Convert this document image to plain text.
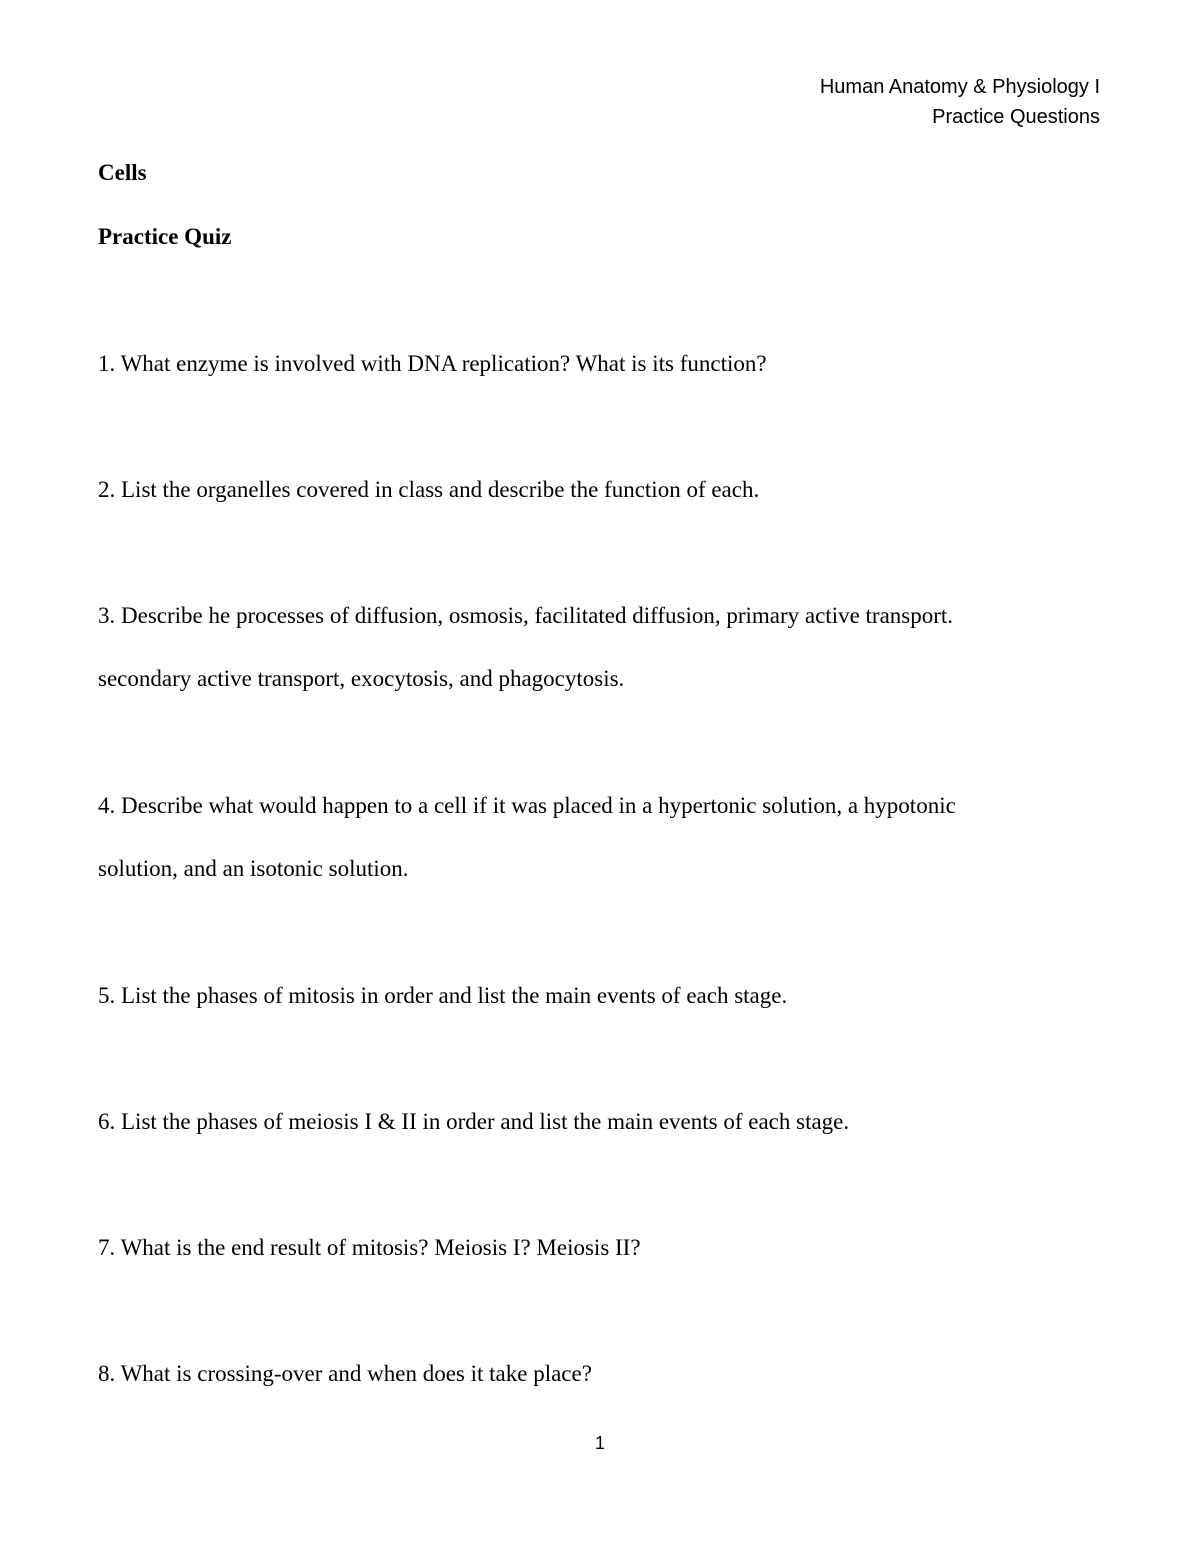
Human Anatomy & Physiology I
Practice Questions
Cells
Practice Quiz

1. What enzyme is involved with DNA replication? What is its function?

2. List the organelles covered in class and describe the function of each.

3. Describe he processes of diffusion, osmosis, facilitated diffusion, primary active transport. secondary active transport, exocytosis, and phagocytosis.

4. Describe what would happen to a cell if it was placed in a hypertonic solution, a hypotonic solution, and an isotonic solution.

5. List the phases of mitosis in order and list the main events of each stage.

6. List the phases of meiosis I & II in order and list the main events of each stage.

7. What is the end result of mitosis? Meiosis I? Meiosis II?

8. What is crossing-over and when does it take place?

1
